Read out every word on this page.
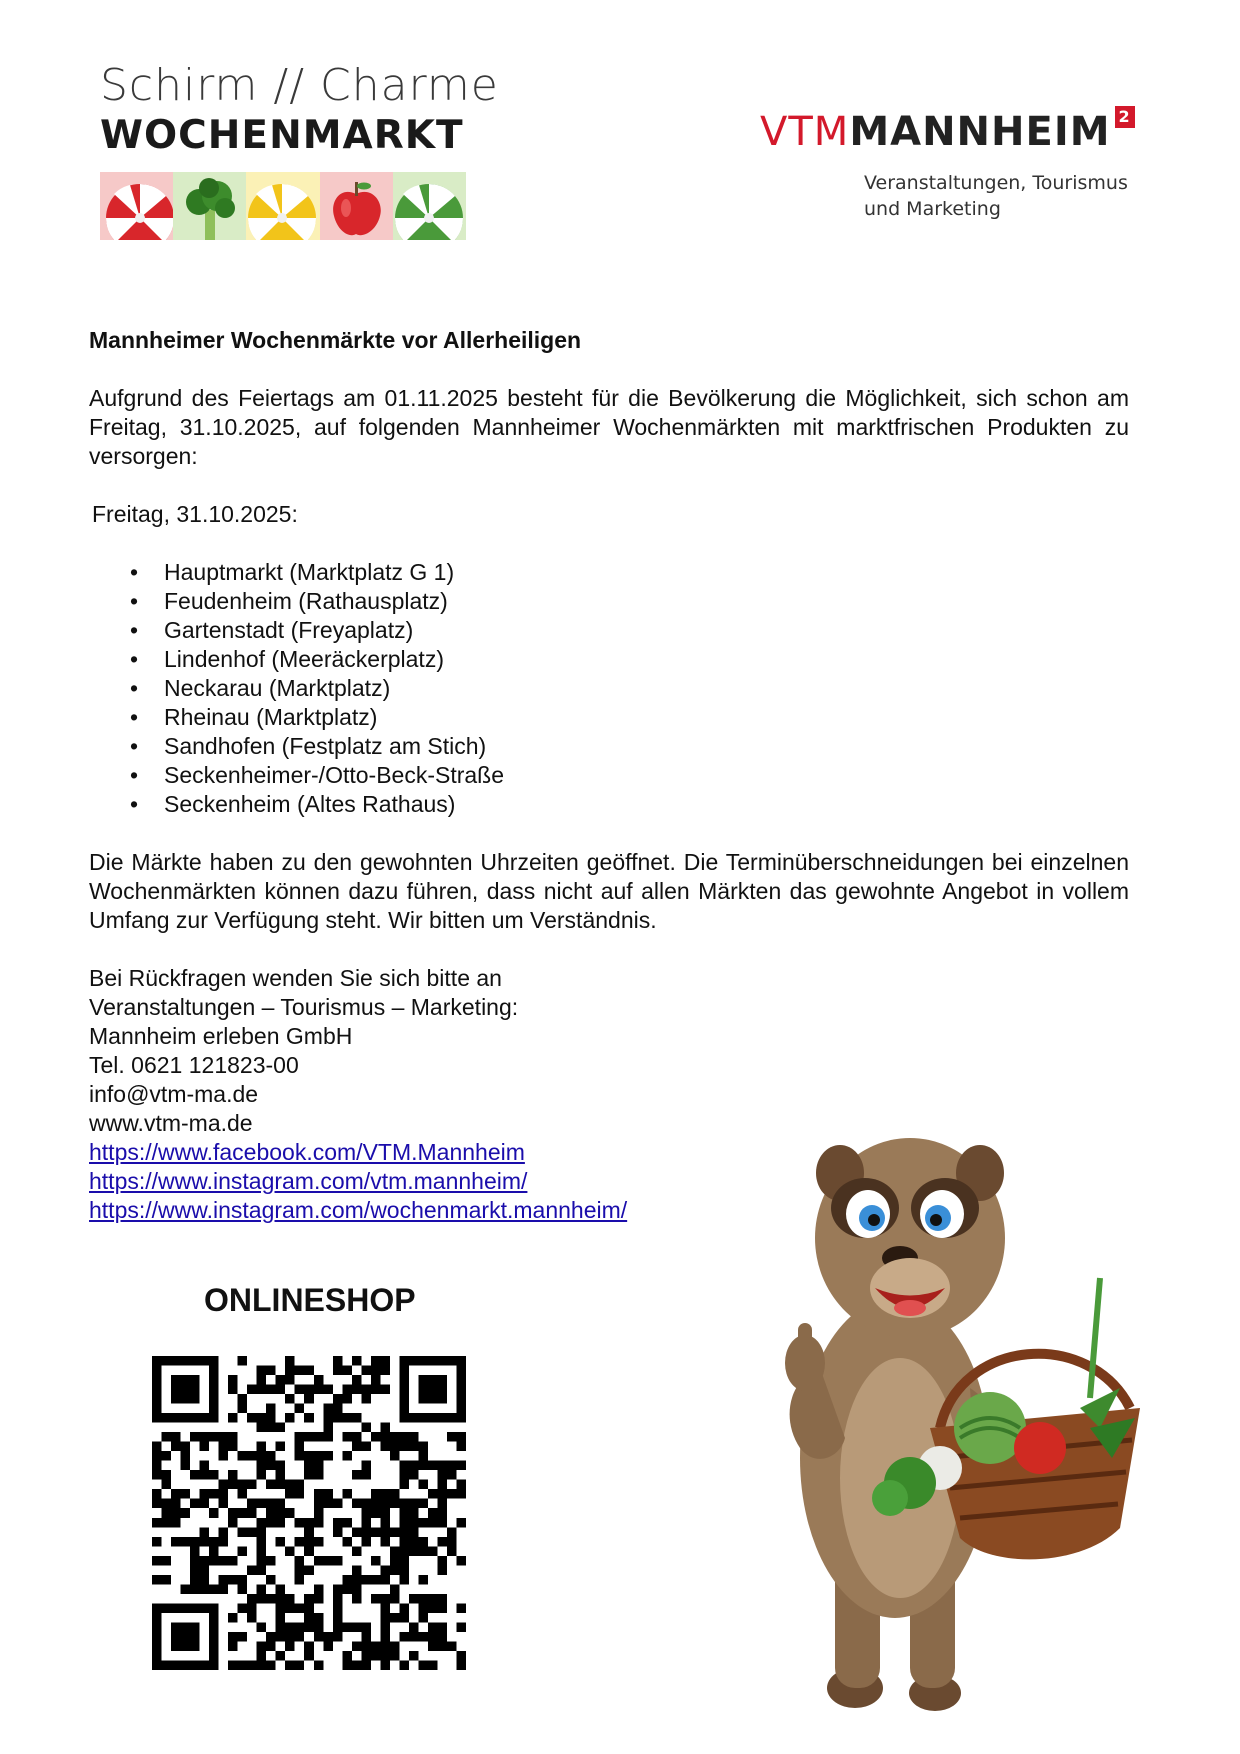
Schirm // Charme
WOCHENMARKT	VTMMANNHEIM 2
Veranstaltungen, Tourismus
und Marketing

Mannheimer Wochenmärkte vor Allerheiligen

Aufgrund des Feiertags am 01.11.2025 besteht für die Bevölkerung die Möglichkeit, sich schon am Freitag, 31.10.2025, auf folgenden Mannheimer Wochenmärkten mit marktfrischen Produkten zu versorgen:

Freitag, 31.10.2025:

• Hauptmarkt (Marktplatz G 1)
• Feudenheim (Rathausplatz)
• Gartenstadt (Freyaplatz)
• Lindenhof (Meeräckerplatz)
• Neckarau (Marktplatz)
• Rheinau (Marktplatz)
• Sandhofen (Festplatz am Stich)
• Seckenheimer-/Otto-Beck-Straße
• Seckenheim (Altes Rathaus)

Die Märkte haben zu den gewohnten Uhrzeiten geöffnet. Die Terminüberschneidungen bei einzelnen Wochenmärkten können dazu führen, dass nicht auf allen Märkten das gewohnte Angebot in vollem Umfang zur Verfügung steht. Wir bitten um Verständnis.

Bei Rückfragen wenden Sie sich bitte an
Veranstaltungen – Tourismus – Marketing:
Mannheim erleben GmbH
Tel. 0621 121823-00
info@vtm-ma.de
www.vtm-ma.de
https://www.facebook.com/VTM.Mannheim
https://www.instagram.com/vtm.mannheim/
https://www.instagram.com/wochenmarkt.mannheim/
ONLINESHOP
